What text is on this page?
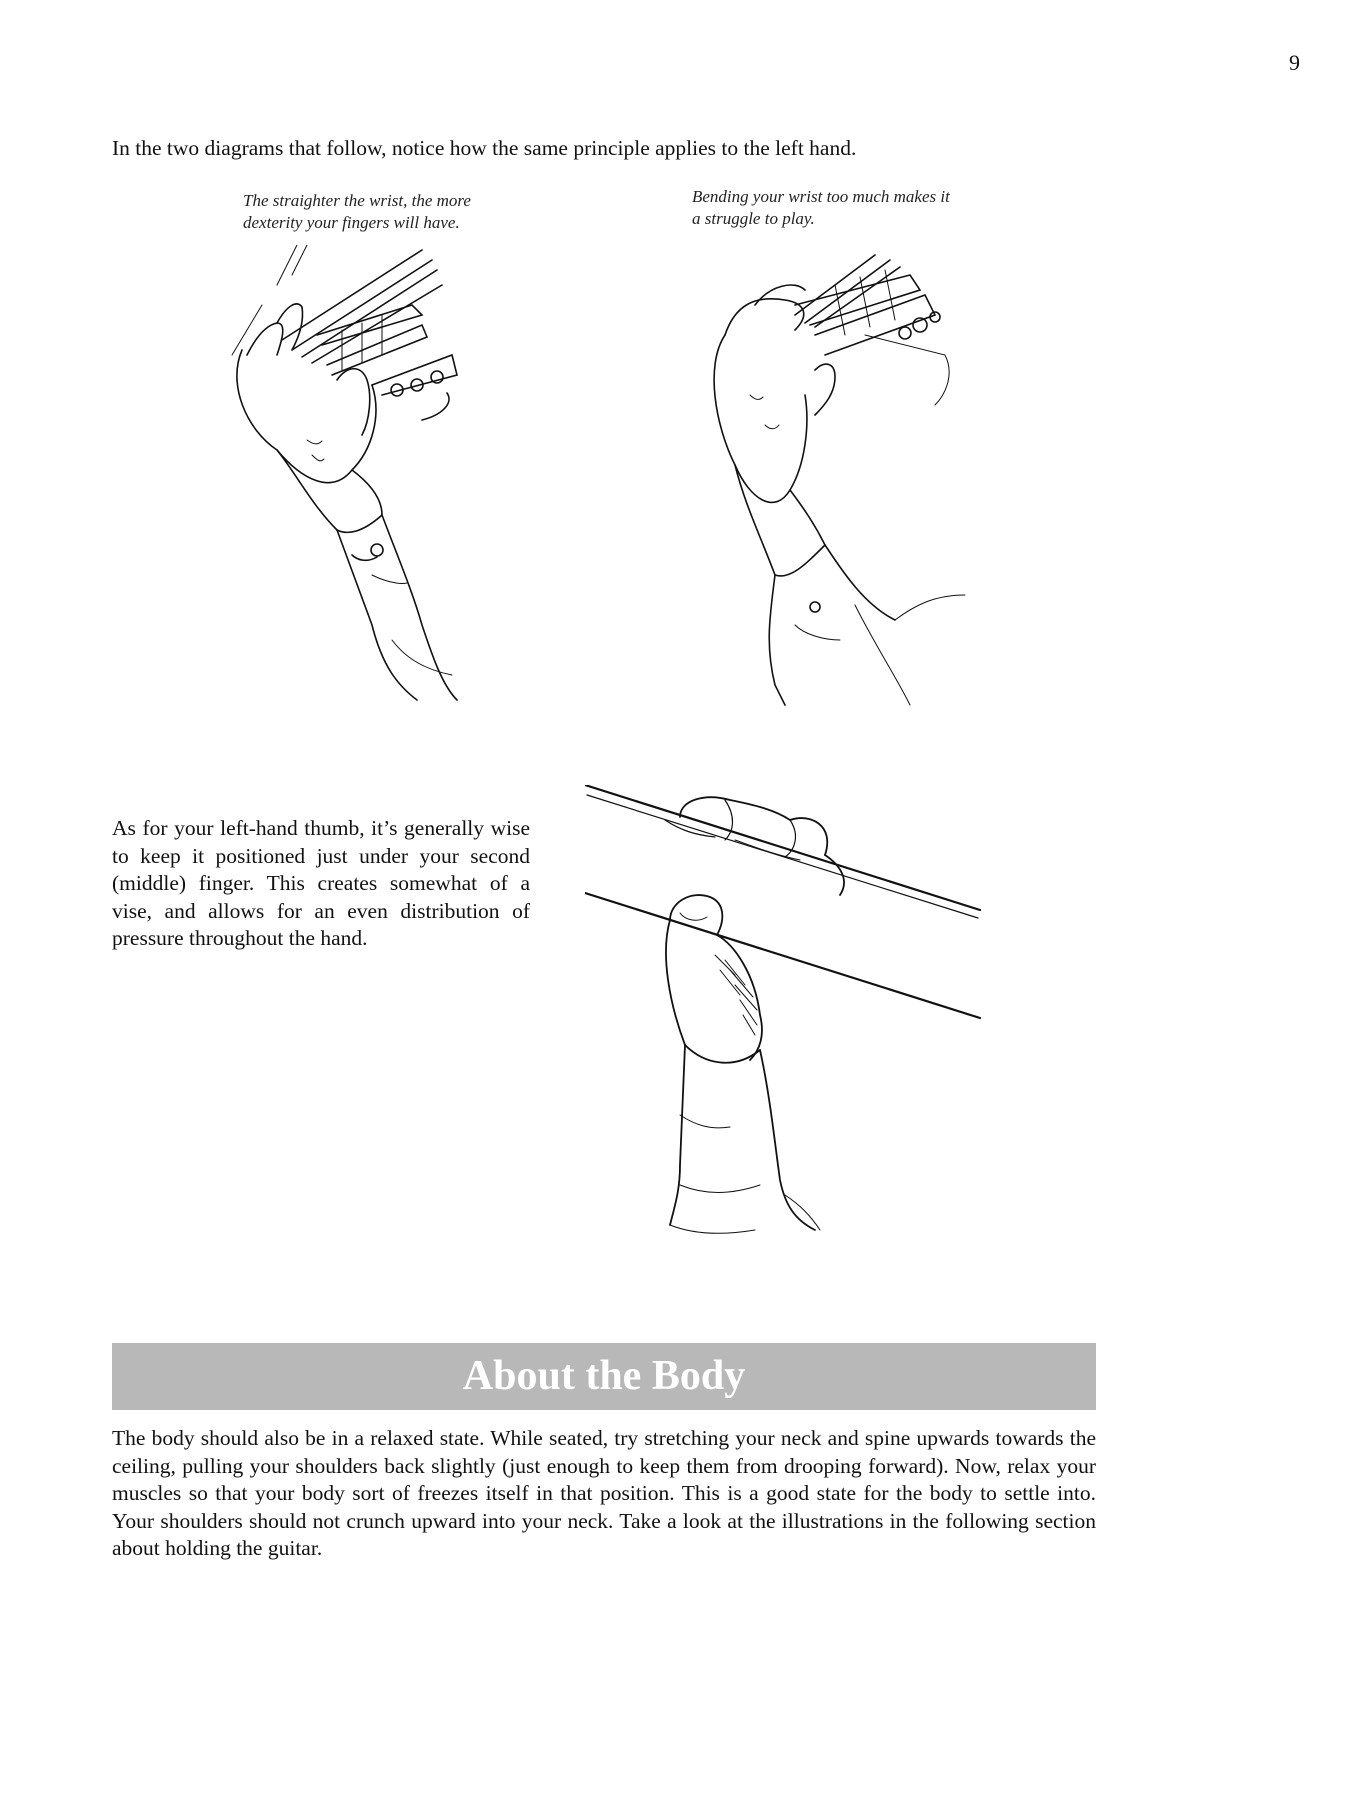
9

In the two diagrams that follow, notice how the same principle applies to the left hand.

The straighter the wrist, the more dexterity your fingers will have.
Bending your wrist too much makes it a struggle to play.

As for your left-hand thumb, it’s generally wise to keep it positioned just under your second (middle) finger. This creates somewhat of a vise, and allows for an even distribution of pressure throughout the hand.

About the Body

The body should also be in a relaxed state. While seated, try stretching your neck and spine upwards towards the ceiling, pulling your shoulders back slightly (just enough to keep them from drooping forward). Now, relax your muscles so that your body sort of freezes itself in that position. This is a good state for the body to settle into. Your shoulders should not crunch upward into your neck. Take a look at the illustrations in the following section about holding the guitar.
